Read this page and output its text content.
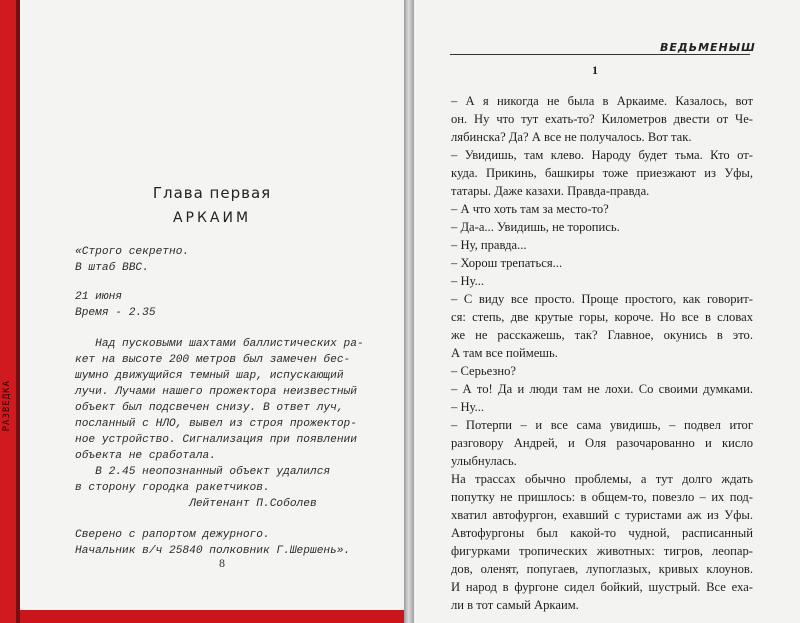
РАЗВЕДКА
Глава первая
АРКАИМ
«Строго секретно.
В штаб ВВС.
21 июня
Время - 2.35
Над пусковыми шахтами баллистических ра-
кет на высоте 200 метров был замечен бес-
шумно движущийся темный шар, испускающий
лучи. Лучами нашего прожектора неизвестный
объект был подсвечен снизу. В ответ луч,
посланный с НЛО, вывел из строя прожектор-
ное устройство. Сигнализация при появлении
объекта не сработала.
В 2.45 неопознанный объект удалился
в сторону городка ракетчиков.
Лейтенант П.Соболев
Сверено с рапортом дежурного.
Начальник в/ч 25840 полковник Г.Шершень».
8
ВЕДЬМЕНЫШ
1
– А я никогда не была в Аркаиме. Казалось, вот
он. Ну что тут ехать-то? Километров двести от Че-
лябинска? Да? А все не получалось. Вот так.
– Увидишь, там клево. Народу будет тьма. Кто от-
куда. Прикинь, башкиры тоже приезжают из Уфы,
татары. Даже казахи. Правда-правда.
– А что хоть там за место-то?
– Да-а... Увидишь, не торопись.
– Ну, правда...
– Хорош трепаться...
– Ну...
– С виду все просто. Проще простого, как говорит-
ся: степь, две крутые горы, короче. Но все в словах
же не расскажешь, так? Главное, окунись в это.
А там все поймешь.
– Серьезно?
– А то! Да и люди там не лохи. Со своими думками.
– Ну...
– Потерпи – и все сама увидишь, – подвел итог
разговору Андрей, и Оля разочарованно и кисло
улыбнулась.
На трассах обычно проблемы, а тут долго ждать
попутку не пришлось: в общем-то, повезло – их под-
хватил автофургон, ехавший с туристами аж из Уфы.
Автофургоны был какой-то чудной, расписанный
фигурками тропических животных: тигров, леопар-
дов, оленят, попугаев, лупоглазых, кривых клоунов.
И народ в фургоне сидел бойкий, шустрый. Все еха-
ли в тот самый Аркаим.
